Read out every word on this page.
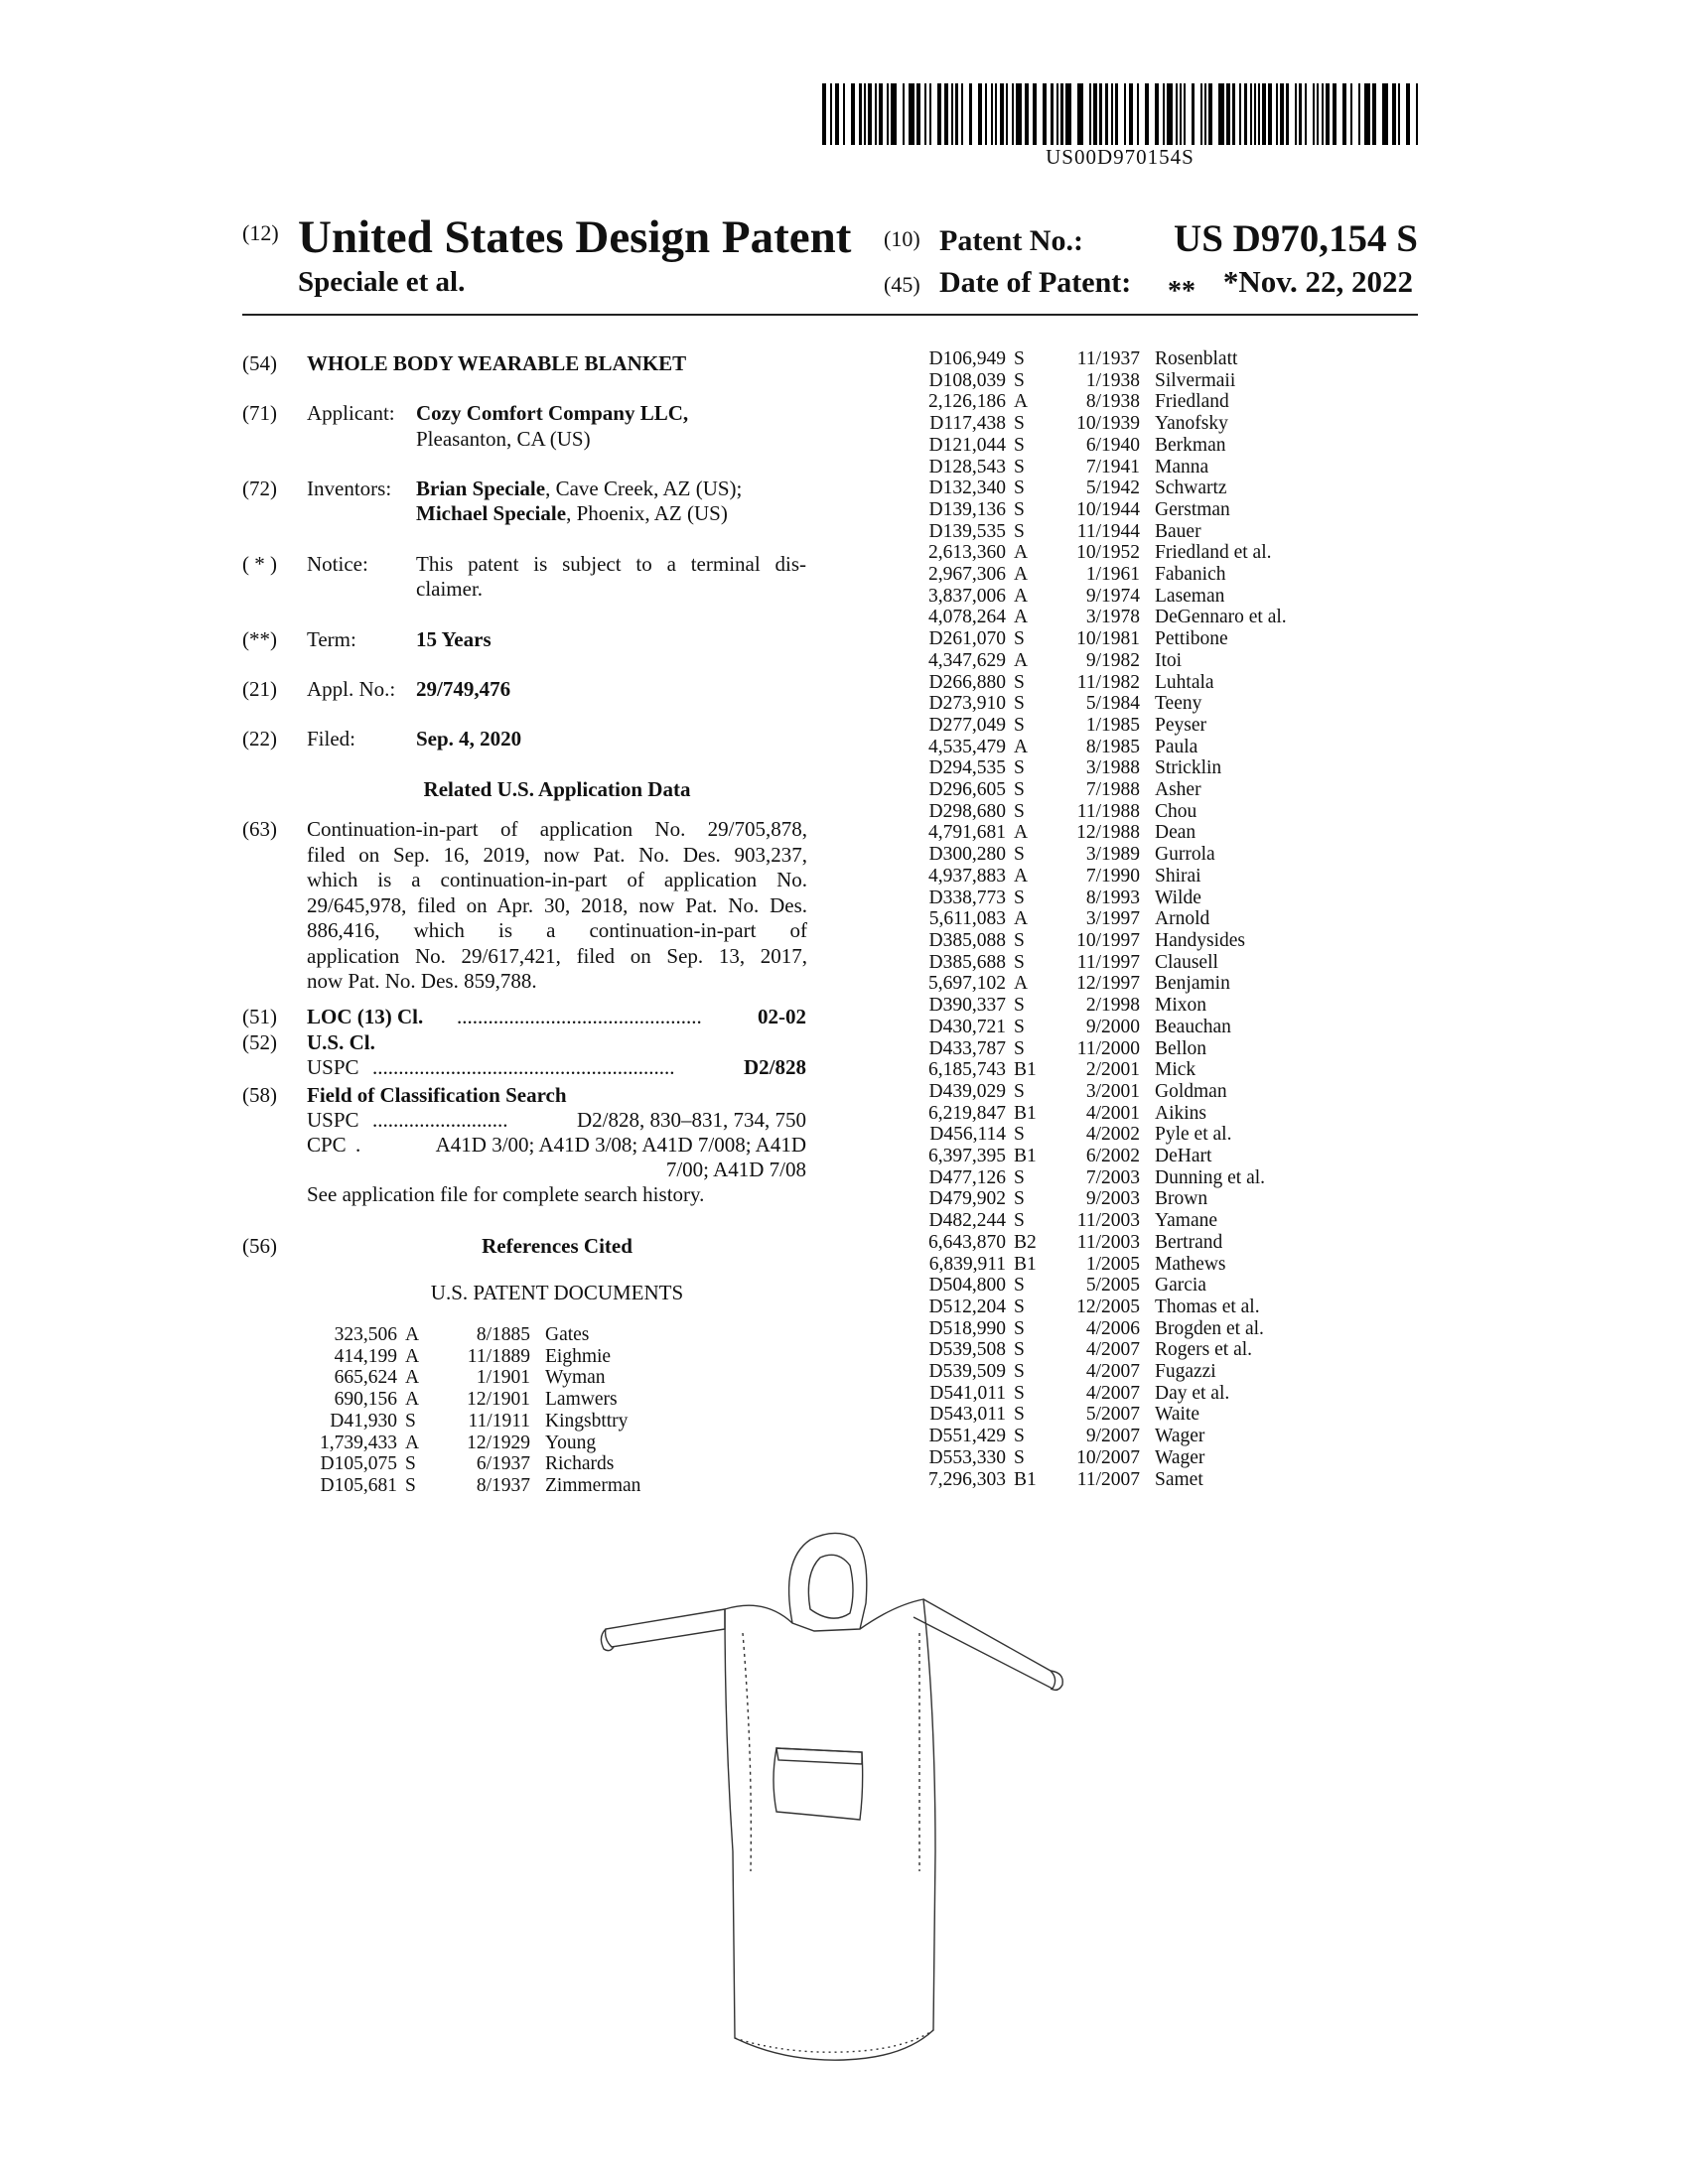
US00D970154S
(12) United States Design Patent
Speciale et al.
(10) Patent No.: US D970,154 S
(45) Date of Patent: ** *Nov. 22, 2022
(54) WHOLE BODY WEARABLE BLANKET
(71) Applicant: Cozy Comfort Company LLC,
Pleasanton, CA (US)
(72) Inventors: Brian Speciale, Cave Creek, AZ (US);
Michael Speciale, Phoenix, AZ (US)
( * ) Notice: This patent is subject to a terminal dis-
claimer.
(**) Term:	15 Years
(21) Appl. No.: 29/749,476
(22) Filed:	Sep. 4, 2020
Related U.S. Application Data
(63) Continuation-in-part of application No. 29/705,878,
filed on Sep. 16, 2019, now Pat. No. Des. 903,237,
which is a continuation-in-part of application No.
29/645,978, filed on Apr. 30, 2018, now Pat. No. Des.
886,416, which is a continuation-in-part of
application No. 29/617,421, filed on Sep. 13, 2017,
now Pat. No. Des. 859,788.
(51) LOC (13) Cl. ...............................................	02-02
(52) U.S. Cl.
USPC ..........................................................	D2/828
(58) Field of Classification Search
USPC ..........................	D2/828, 830–831, 734, 750
CPC .	A41D 3/00; A41D 3/08; A41D 7/008; A41D
7/00; A41D 7/08
See application file for complete search history.
(56)	References Cited
U.S. PATENT DOCUMENTS
323,506	A	8/1885	Gates
414,199	A	11/1889	Eighmie
665,624	A	1/1901	Wyman
690,156	A	12/1901	Lamwers
D41,930	S	11/1911	Kingsbttry
1,739,433	A	12/1929	Young
D105,075	S	6/1937	Richards
D105,681	S	8/1937	Zimmerman
D106,949	S	11/1937	Rosenblatt
D108,039	S	1/1938	Silvermaii
2,126,186	A	8/1938	Friedland
D117,438	S	10/1939	Yanofsky
D121,044	S	6/1940	Berkman
D128,543	S	7/1941	Manna
D132,340	S	5/1942	Schwartz
D139,136	S	10/1944	Gerstman
D139,535	S	11/1944	Bauer
2,613,360	A	10/1952	Friedland et al.
2,967,306	A	1/1961	Fabanich
3,837,006	A	9/1974	Laseman
4,078,264	A	3/1978	DeGennaro et al.
D261,070	S	10/1981	Pettibone
4,347,629	A	9/1982	Itoi
D266,880	S	11/1982	Luhtala
D273,910	S	5/1984	Teeny
D277,049	S	1/1985	Peyser
4,535,479	A	8/1985	Paula
D294,535	S	3/1988	Stricklin
D296,605	S	7/1988	Asher
D298,680	S	11/1988	Chou
4,791,681	A	12/1988	Dean
D300,280	S	3/1989	Gurrola
4,937,883	A	7/1990	Shirai
D338,773	S	8/1993	Wilde
5,611,083	A	3/1997	Arnold
D385,088	S	10/1997	Handysides
D385,688	S	11/1997	Clausell
5,697,102	A	12/1997	Benjamin
D390,337	S	2/1998	Mixon
D430,721	S	9/2000	Beauchan
D433,787	S	11/2000	Bellon
6,185,743	B1	2/2001	Mick
D439,029	S	3/2001	Goldman
6,219,847	B1	4/2001	Aikins
D456,114	S	4/2002	Pyle et al.
6,397,395	B1	6/2002	DeHart
D477,126	S	7/2003	Dunning et al.
D479,902	S	9/2003	Brown
D482,244	S	11/2003	Yamane
6,643,870	B2	11/2003	Bertrand
6,839,911	B1	1/2005	Mathews
D504,800	S	5/2005	Garcia
D512,204	S	12/2005	Thomas et al.
D518,990	S	4/2006	Brogden et al.
D539,508	S	4/2007	Rogers et al.
D539,509	S	4/2007	Fugazzi
D541,011	S	4/2007	Day et al.
D543,011	S	5/2007	Waite
D551,429	S	9/2007	Wager
D553,330	S	10/2007	Wager
7,296,303	B1	11/2007	Samet
